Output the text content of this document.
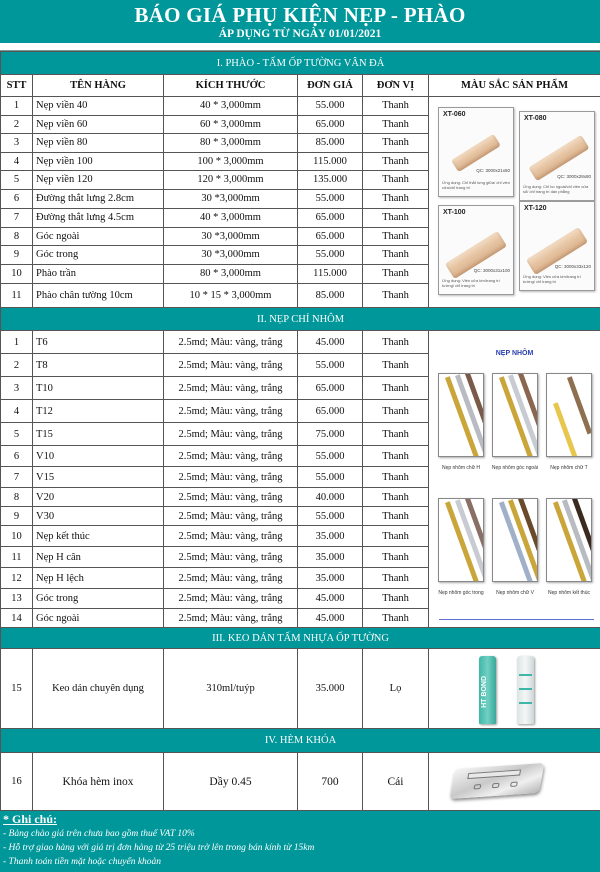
BÁO GIÁ PHỤ KIỆN NẸP - PHÀO
ÁP DỤNG TỪ NGÀY 01/01/2021
I. PHÀO - TẤM ỐP TƯỜNG VÂN ĐÁ					
STT	TÊN HÀNG	KÍCH THƯỚC	ĐƠN GIÁ	ĐƠN VỊ	MÀU SẮC SẢN PHẨM
1	Nẹp viền 40	40 * 3,000mm	55.000	Thanh	
XT-060
QC: 3000x21x60
Ứng dụng: Chỉ thắt lưng giữa/ chỉ viền cửa/chỉ trang trí
XT-080
QC: 3000x28x80
Ứng dụng: Chỉ bo ngoài/chỉ viền cửa sổ/ chỉ trang trí dán phẳng
XT-100
QC: 3000x31x100
Ứng dụng: Viền cửa lớn/trang trí tường/ chỉ trang trí
XT-120
QC: 3000x33x120
Ứng dụng: Viền cửa lớn/trang trí tường/ chỉ trang trí

2	Nẹp viền 60	60 * 3,000mm	65.000	Thanh	
3	Nẹp viền 80	80 * 3,000mm	85.000	Thanh	
4	Nẹp viền 100	100 * 3,000mm	115.000	Thanh	
5	Nẹp viền 120	120 * 3,000mm	135.000	Thanh	
6	Đường thắt lưng 2.8cm	30 *3,000mm	55.000	Thanh	
7	Đường thắt lưng 4.5cm	40 * 3,000mm	65.000	Thanh	
8	Góc ngoài	30 *3,000mm	65.000	Thanh	
9	Góc trong	30 *3,000mm	55.000	Thanh	
10	Phào trần	80 * 3,000mm	115.000	Thanh	
11	Phào chân tường 10cm	10 * 15 * 3,000mm	85.000	Thanh	
II. NẸP CHỈ NHÔM					
1	T6	2.5md; Màu: vàng, trắng	45.000	Thanh	
NẸP NHÔM
Nẹp nhôm chữ H	Nẹp nhôm góc ngoài	Nẹp nhôm chữ T
Nẹp nhôm góc trong	Nẹp nhôm chữ V	Nẹp nhôm kết thúc

2	T8	2.5md; Màu: vàng, trắng	55.000	Thanh	
3	T10	2.5md; Màu: vàng, trắng	65.000	Thanh	
4	T12	2.5md; Màu: vàng, trắng	65.000	Thanh	
5	T15	2.5md; Màu: vàng, trắng	75.000	Thanh	
6	V10	2.5md; Màu: vàng, trắng	55.000	Thanh	
7	V15	2.5md; Màu: vàng, trắng	55.000	Thanh	
8	V20	2.5md; Màu: vàng, trắng	40.000	Thanh	
9	V30	2.5md; Màu: vàng, trắng	55.000	Thanh	
10	Nẹp kết thúc	2.5md; Màu: vàng, trắng	35.000	Thanh	
11	Nẹp H cân	2.5md; Màu: vàng, trắng	35.000	Thanh	
12	Nẹp H lệch	2.5md; Màu: vàng, trắng	35.000	Thanh	
13	Góc trong	2.5md; Màu: vàng, trắng	45.000	Thanh	
14	Góc ngoài	2.5md; Màu: vàng, trắng	45.000	Thanh	
III. KEO DÁN TẤM NHỰA ỐP TƯỜNG
15	Keo dán chuyên dụng	310ml/tuýp	35.000	Lọ	HT BOND
IV. HÈM KHÓA
16	Khóa hèm inox	Dầy 0.45	700	Cái	
* Ghi chú:
- Bảng chào giá trên chưa bao gồm thuế VAT 10%
- Hỗ trợ giao hàng với giá trị đơn hàng từ 25 triệu trở lên trong bán kính từ 15km
- Thanh toán tiền mặt hoặc chuyển khoản
